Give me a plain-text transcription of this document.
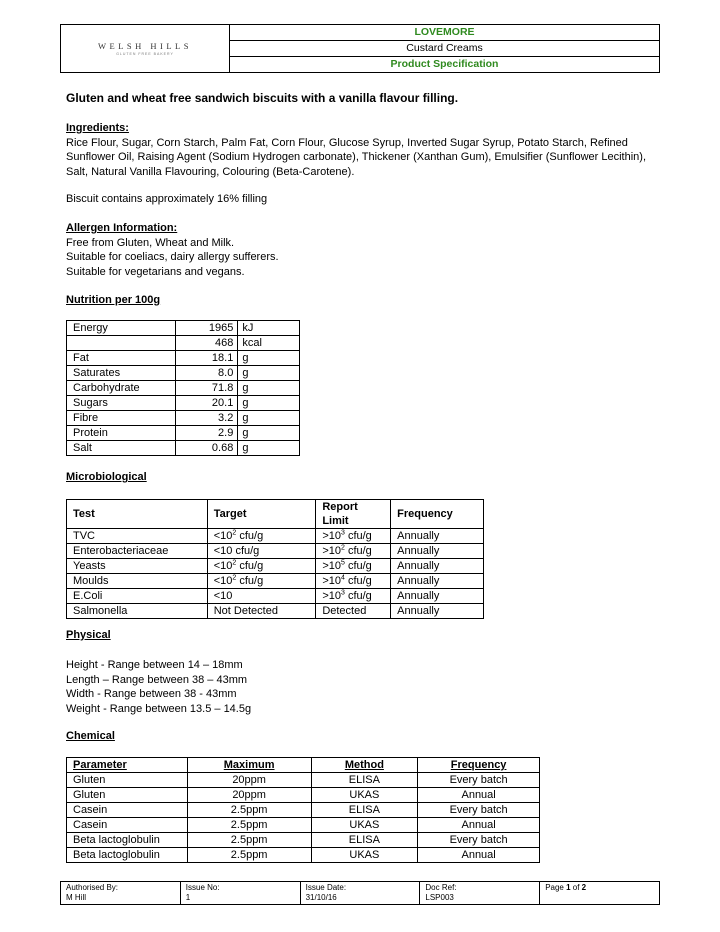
WELSH HILLS
GLUTEN FREE BAKERY
LOVEMORE
Custard Creams
Product Specification
Gluten and wheat free sandwich biscuits with a vanilla flavour filling.
Ingredients:
Rice Flour, Sugar, Corn Starch, Palm Fat, Corn Flour, Glucose Syrup, Inverted Sugar Syrup, Potato Starch, Refined Sunflower Oil, Raising Agent (Sodium Hydrogen carbonate), Thickener (Xanthan Gum), Emulsifier (Sunflower Lecithin), Salt, Natural Vanilla Flavouring, Colouring (Beta-Carotene).
Biscuit contains approximately 16% filling
Allergen Information:
Free from Gluten, Wheat and Milk.
Suitable for coeliacs, dairy allergy sufferers.
Suitable for vegetarians and vegans.
Nutrition per 100g
Energy	1965	kJ
	468	kcal
Fat	18.1	g
Saturates	8.0	g
Carbohydrate	71.8	g
Sugars	20.1	g
Fibre	3.2	g
Protein	2.9	g
Salt	0.68	g
Microbiological
Test	Target	Report Limit	Frequency
TVC	$<10^2$ cfu/g	$>10^3$ cfu/g	Annually
Enterobacteriaceae	<10 cfu/g	$>10^2$ cfu/g	Annually
Yeasts	$<10^2$ cfu/g	$>10^5$ cfu/g	Annually
Moulds	$<10^2$ cfu/g	$>10^4$ cfu/g	Annually
E.Coli	<10	$>10^3$ cfu/g	Annually
Salmonella	Not Detected	Detected	Annually
Physical
Height - Range between 14 – 18mm
Length – Range between 38 – 43mm
Width - Range between 38 - 43mm
Weight - Range between 13.5 – 14.5g
Chemical
Parameter	Maximum	Method	Frequency
Gluten	20ppm	ELISA	Every batch
Gluten	20ppm	UKAS	Annual
Casein	2.5ppm	ELISA	Every batch
Casein	2.5ppm	UKAS	Annual
Beta lactoglobulin	2.5ppm	ELISA	Every batch
Beta lactoglobulin	2.5ppm	UKAS	Annual
Authorised By:
M Hill
Issue No:
1
Issue Date:
31/10/16
Doc Ref:
LSP003
Page 1 of 2
